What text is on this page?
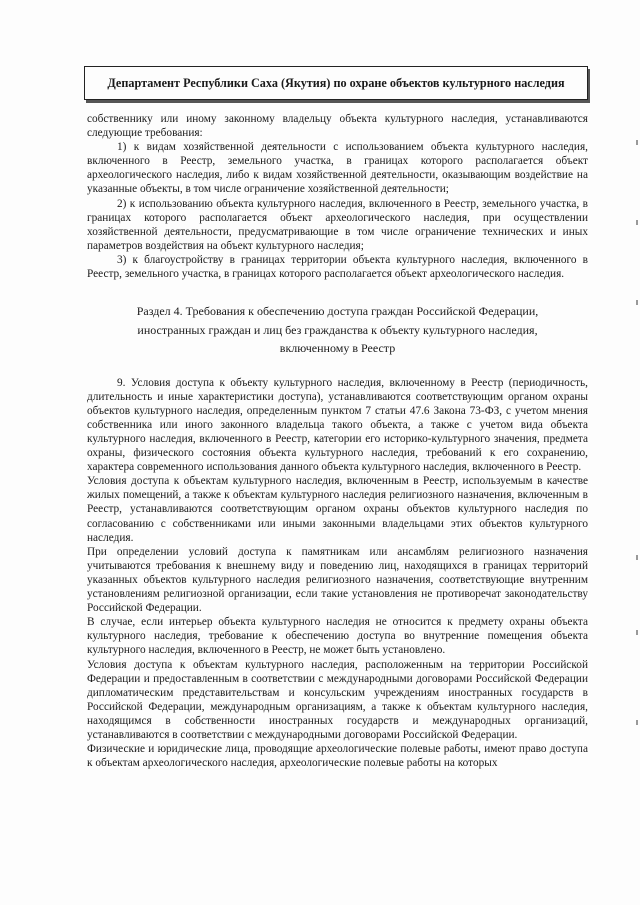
Департамент Республики Саха (Якутия) по охране объектов культурного наследия

собственнику или иному законному владельцу объекта культурного наследия, устанавливаются следующие требования:

1) к видам хозяйственной деятельности с использованием объекта культурного наследия, включенного в Реестр, земельного участка, в границах которого располагается объект археологического наследия, либо к видам хозяйственной деятельности, оказывающим воздействие на указанные объекты, в том числе ограничение хозяйственной деятельности;

2) к использованию объекта культурного наследия, включенного в Реестр, земельного участка, в границах которого располагается объект археологического наследия, при осуществлении хозяйственной деятельности, предусматривающие в том числе ограничение технических и иных параметров воздействия на объект культурного наследия;

3) к благоустройству в границах территории объекта культурного наследия, включенного в Реестр, земельного участка, в границах которого располагается объект археологического наследия.

Раздел 4. Требования к обеспечению доступа граждан Российской Федерации,
иностранных граждан и лиц без гражданства к объекту культурного наследия,
включенному в Реестр

9. Условия доступа к объекту культурного наследия, включенному в Реестр (периодичность, длительность и иные характеристики доступа), устанавливаются соответствующим органом охраны объектов культурного наследия, определенным пунктом 7 статьи 47.6 Закона 73-ФЗ, с учетом мнения собственника или иного законного владельца такого объекта, а также с учетом вида объекта культурного наследия, включенного в Реестр, категории его историко-культурного значения, предмета охраны, физического состояния объекта культурного наследия, требований к его сохранению, характера современного использования данного объекта культурного наследия, включенного в Реестр.

Условия доступа к объектам культурного наследия, включенным в Реестр, используемым в качестве жилых помещений, а также к объектам культурного наследия религиозного назначения, включенным в Реестр, устанавливаются соответствующим органом охраны объектов культурного наследия по согласованию с собственниками или иными законными владельцами этих объектов культурного наследия.

При определении условий доступа к памятникам или ансамблям религиозного назначения учитываются требования к внешнему виду и поведению лиц, находящихся в границах территорий указанных объектов культурного наследия религиозного назначения, соответствующие внутренним установлениям религиозной организации, если такие установления не противоречат законодательству Российской Федерации.

В случае, если интерьер объекта культурного наследия не относится к предмету охраны объекта культурного наследия, требование к обеспечению доступа во внутренние помещения объекта культурного наследия, включенного в Реестр, не может быть установлено.

Условия доступа к объектам культурного наследия, расположенным на территории Российской Федерации и предоставленным в соответствии с международными договорами Российской Федерации дипломатическим представительствам и консульским учреждениям иностранных государств в Российской Федерации, международным организациям, а также к объектам культурного наследия, находящимся в собственности иностранных государств и международных организаций, устанавливаются в соответствии с международными договорами Российской Федерации.

Физические и юридические лица, проводящие археологические полевые работы, имеют право доступа к объектам археологического наследия, археологические полевые работы на которых
